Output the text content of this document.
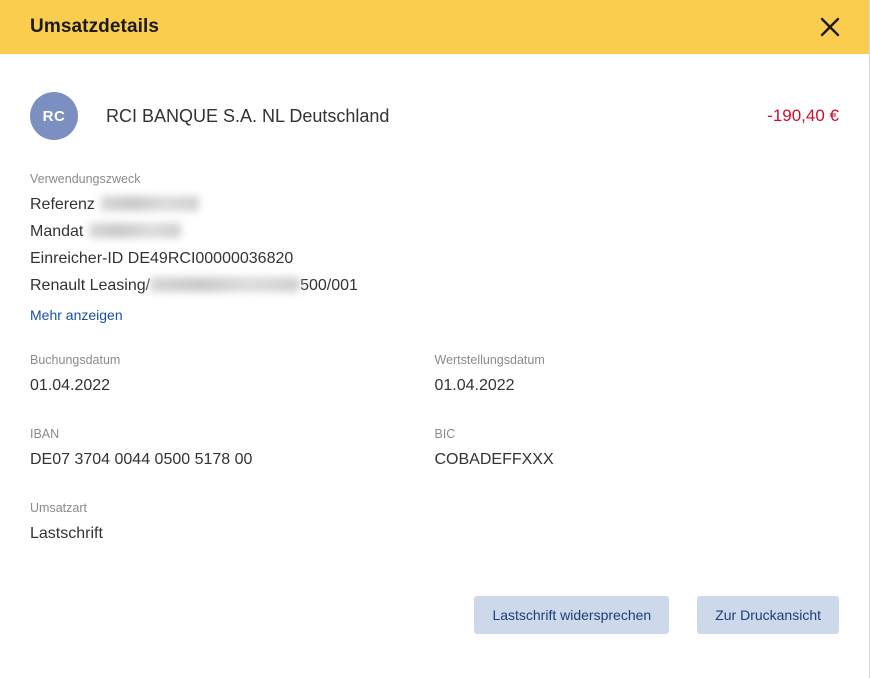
Umsatzdetails
RC	RCI BANQUE S.A. NL Deutschland	-190,40 €
Verwendungszweck
Referenz
Mandat
Einreicher-ID DE49RCI00000036820
Renault Leasing/	500/001
Mehr anzeigen
Buchungsdatum
01.04.2022
Wertstellungsdatum
01.04.2022
IBAN
DE07 3704 0044 0500 5178 00
BIC
COBADEFFXXX
Umsatzart
Lastschrift
Lastschrift widersprechen	Zur Druckansicht
